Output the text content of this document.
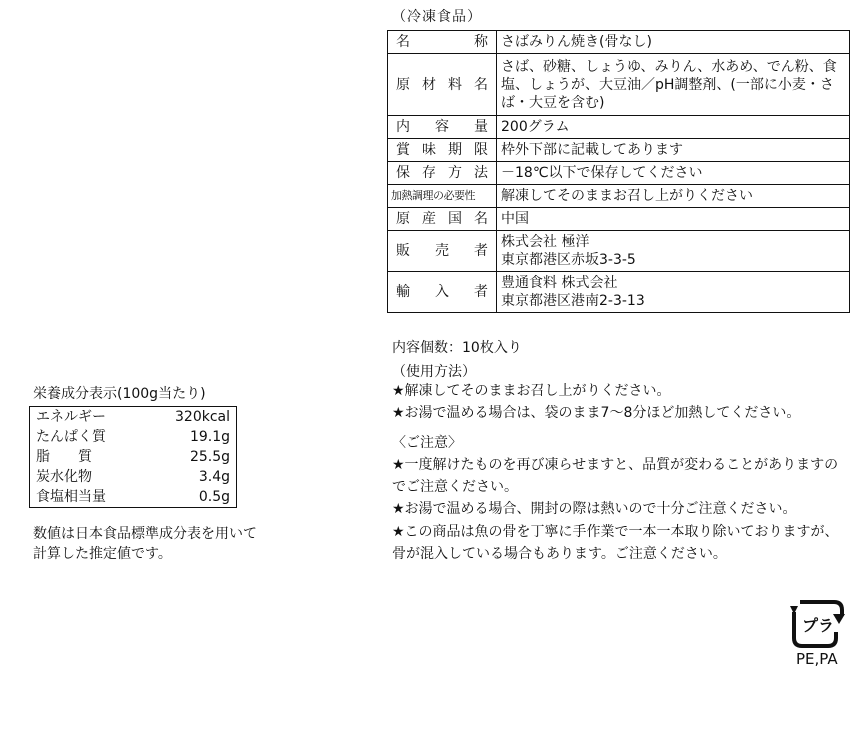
（冷凍食品）
名称	さばみりん焼き(骨なし)
原材料名	さば、砂糖、しょうゆ、みりん、水あめ、でん粉、食塩、しょうが、大豆油／pH調整剤、(一部に小麦・さば・大豆を含む)
内容量	200グラム
賞味期限	枠外下部に記載してあります
保存方法	－18℃以下で保存してください
加熱調理の必要性	解凍してそのままお召し上がりください
原産国名	中国
販売者	株式会社 極洋
東京都港区赤坂3-3-5

輸入者	豊通食料 株式会社
東京都港区港南2-3-13
内容個数：10枚入り
（使用方法）
★解凍してそのままお召し上がりください。
★お湯で温める場合は、袋のまま7～8分ほど加熱してください。
〈ご注意〉
★一度解けたものを再び凍らせますと、品質が変わることがありますのでご注意ください。
★お湯で温める場合、開封の際は熱いので十分ご注意ください。
★この商品は魚の骨を丁寧に手作業で一本一本取り除いておりますが、骨が混入している場合もあります。ご注意ください。
栄養成分表示(100g当たり)
エネルギー	320kcal
たんぱく質	19.1g
脂　　質	25.5g
炭水化物	3.4g
食塩相当量	0.5g
数値は日本食品標準成分表を用いて計算した推定値です。
プラ
PE,PA
